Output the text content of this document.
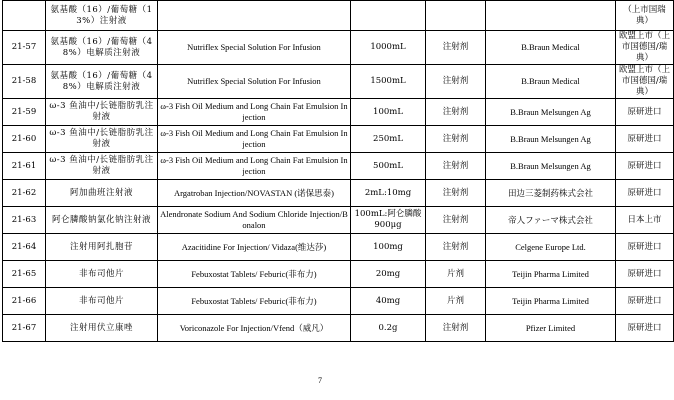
	氨基酸（16）/葡萄糖（13%）注射液					（上市国瑞典）
21-57	氨基酸（16）/葡萄糖（48%）电解质注射液	Nutriflex Special Solution For Infusion	1000mL	注射剂	B.Braun Medical	欧盟上市（上市国德国/瑞典）
21-58	氨基酸（16）/葡萄糖（48%）电解质注射液	Nutriflex Special Solution For Infusion	1500mL	注射剂	B.Braun Medical	欧盟上市（上市国德国/瑞典）
21-59	ω-3 鱼油中/长链脂肪乳注射液	ω-3 Fish Oil Medium and Long Chain Fat Emulsion Injection	100mL	注射剂	B.Braun Melsungen Ag	原研进口
21-60	ω-3 鱼油中/长链脂肪乳注射液	ω-3 Fish Oil Medium and Long Chain Fat Emulsion Injection	250mL	注射剂	B.Braun Melsungen Ag	原研进口
21-61	ω-3 鱼油中/长链脂肪乳注射液	ω-3 Fish Oil Medium and Long Chain Fat Emulsion Injection	500mL	注射剂	B.Braun Melsungen Ag	原研进口
21-62	阿加曲班注射液	Argatroban Injection/NOVASTAN (诺保思泰)	2mL:10mg	注射剂	田边三菱制药株式会社	原研进口
21-63	阿仑膦酸钠氯化钠注射液	Alendronate Sodium And Sodium Chloride Injection/Bonalon	100mL:阿仑膦酸 900μg	注射剂	帝人ファーマ株式会社	日本上市
21-64	注射用阿扎胞苷	Azacitidine For Injection/ Vidaza(维达莎)	100mg	注射剂	Celgene Europe Ltd.	原研进口
21-65	非布司他片	Febuxostat Tablets/ Feburic(菲布力)	20mg	片剂	Teijin Pharma Limited	原研进口
21-66	非布司他片	Febuxostat Tablets/ Feburic(菲布力)	40mg	片剂	Teijin Pharma Limited	原研进口
21-67	注射用伏立康唑	Voriconazole For Injection/Vfend（威凡）	0.2g	注射剂	Pfizer Limited	原研进口
7
